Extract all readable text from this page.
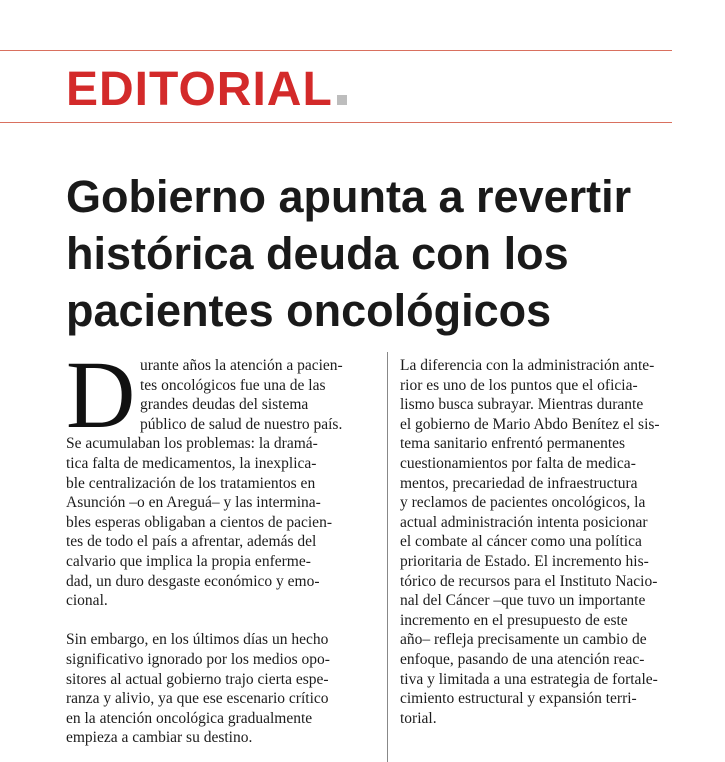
EDITORIAL
Gobierno apunta a revertir
histórica deuda con los
pacientes oncológicos
D urante años la atención a pacien-
tes oncológicos fue una de las
grandes deudas del sistema
público de salud de nuestro país.
Se acumulaban los problemas: la dramá-
tica falta de medicamentos, la inexplica-
ble centralización de los tratamientos en
Asunción –o en Areguá– y las intermina-
bles esperas obligaban a cientos de pacien-
tes de todo el país a afrentar, además del
calvario que implica la propia enferme-
dad, un duro desgaste económico y emo-
cional.
Sin embargo, en los últimos días un hecho
significativo ignorado por los medios opo-
sitores al actual gobierno trajo cierta espe-
ranza y alivio, ya que ese escenario crítico
en la atención oncológica gradualmente
empieza a cambiar su destino.
La diferencia con la administración ante-
rior es uno de los puntos que el oficia-
lismo busca subrayar. Mientras durante
el gobierno de Mario Abdo Benítez el sis-
tema sanitario enfrentó permanentes
cuestionamientos por falta de medica-
mentos, precariedad de infraestructura
y reclamos de pacientes oncológicos, la
actual administración intenta posicionar
el combate al cáncer como una política
prioritaria de Estado. El incremento his-
tórico de recursos para el Instituto Nacio-
nal del Cáncer –que tuvo un importante
incremento en el presupuesto de este
año– refleja precisamente un cambio de
enfoque, pasando de una atención reac-
tiva y limitada a una estrategia de fortale-
cimiento estructural y expansión terri-
torial.
